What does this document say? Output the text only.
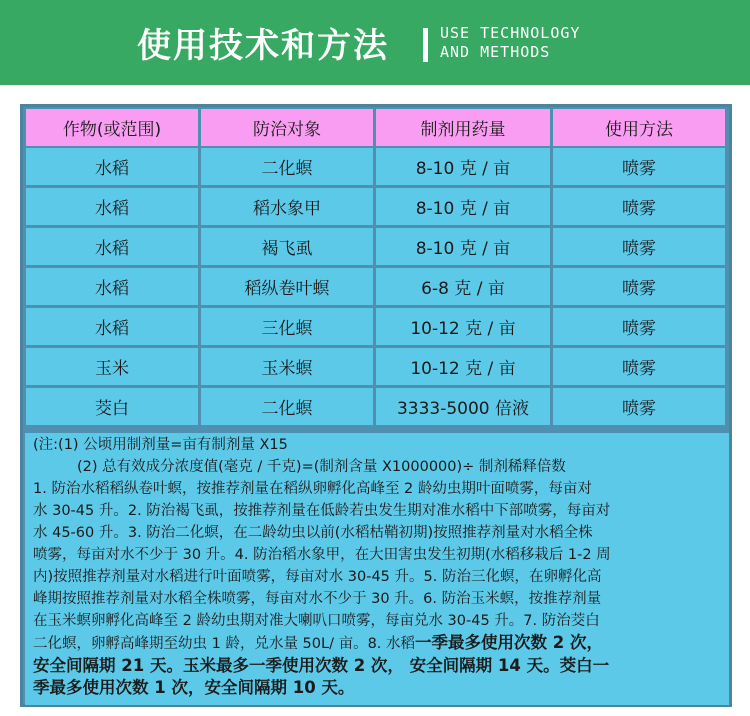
使用技术和方法	USE TECHNOLOGY
AND METHODS
作物(或范围)	防治对象	制剂用药量	使用方法
水稻	二化螟	8-10 克 / 亩	喷雾
水稻	稻水象甲	8-10 克 / 亩	喷雾
水稻	褐飞虱	8-10 克 / 亩	喷雾
水稻	稻纵卷叶螟	6-8 克 / 亩	喷雾
水稻	三化螟	10-12 克 / 亩	喷雾
玉米	玉米螟	10-12 克 / 亩	喷雾
茭白	二化螟	3333-5000 倍液	喷雾
(注:(1) 公顷用制剂量=亩有制剂量 X15
(2) 总有效成分浓度值(毫克 / 千克)=(制剂含量 X1000000)÷ 制剂稀释倍数
1. 防治水稻稻纵卷叶螟，按推荐剂量在稻纵卵孵化高峰至 2 龄幼虫期叶面喷雾，每亩对
水 30-45 升。2. 防治褐飞虱，按推荐剂量在低龄若虫发生期对准水稻中下部喷雾，每亩对
水 45-60 升。3. 防治二化螟，在二龄幼虫以前(水稻枯鞘初期)按照推荐剂量对水稻全株
喷雾，每亩对水不少于 30 升。4. 防治稻水象甲，在大田害虫发生初期(水稻移栽后 1-2 周
内)按照推荐剂量对水稻进行叶面喷雾，每亩对水 30-45 升。5. 防治三化螟，在卵孵化高
峰期按照推荐剂量对水稻全株喷雾，每亩对水不少于 30 升。6. 防治玉米螟，按推荐剂量
在玉米螟卵孵化高峰至 2 龄幼虫期对准大喇叭口喷雾，每亩兑水 30-45 升。7. 防治茭白
二化螟，卵孵高峰期至幼虫 1 龄，兑水量 50L/ 亩。8. 水稻一季最多使用次数 2 次，
安全间隔期 21 天。玉米最多一季使用次数 2 次， 安全间隔期 14 天。茭白一
季最多使用次数 1 次，安全间隔期 10 天。
